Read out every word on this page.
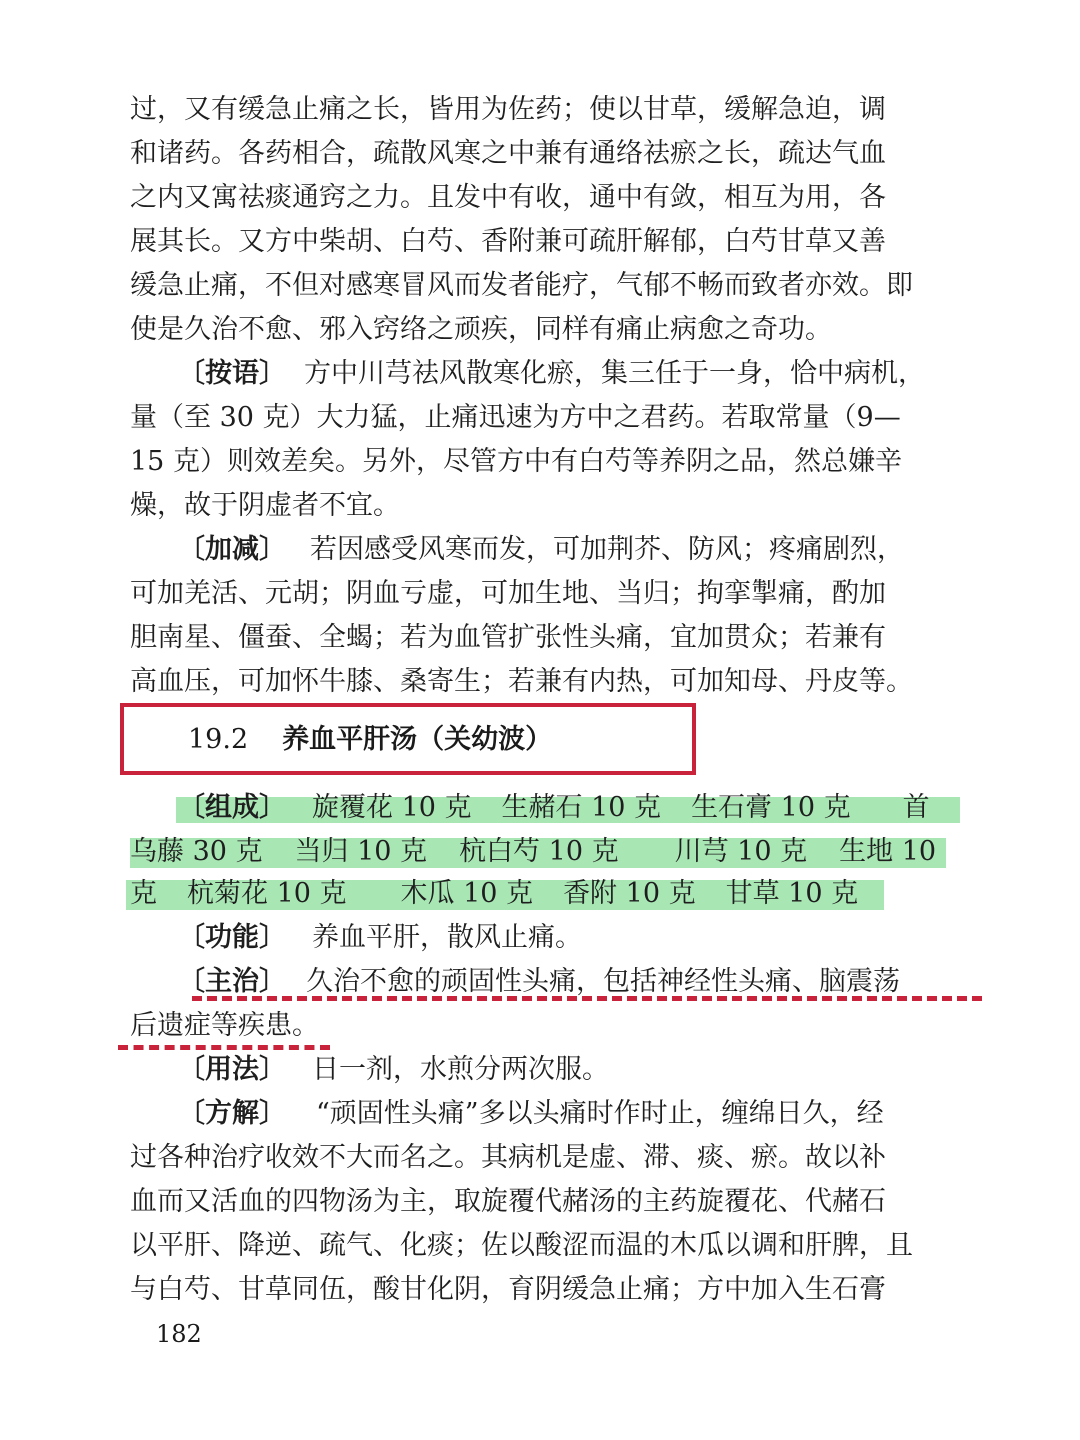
过，又有缓急止痛之长，皆用为佐药；使以甘草，缓解急迫，调
和诸药。各药相合，疏散风寒之中兼有通络祛瘀之长，疏达气血
之内又寓祛痰通窍之力。且发中有收，通中有敛，相互为用，各
展其长。又方中柴胡、白芍、香附兼可疏肝解郁，白芍甘草又善
缓急止痛，不但对感寒冒风而发者能疗，气郁不畅而致者亦效。即
使是久治不愈、邪入窍络之顽疾，同样有痛止病愈之奇功。
〔按语〕 方中川芎祛风散寒化瘀，集三任于一身，恰中病机，
量（至 30 克）大力猛，止痛迅速为方中之君药。若取常量（9—
15 克）则效差矣。另外，尽管方中有白芍等养阴之品，然总嫌辛
燥，故于阴虚者不宜。
〔加减〕 若因感受风寒而发，可加荆芥、防风；疼痛剧烈，
可加羌活、元胡；阴血亏虚，可加生地、当归；拘挛掣痛，酌加
胆南星、僵蚕、全蝎；若为血管扩张性头痛，宜加贯众；若兼有
高血压，可加怀牛膝、桑寄生；若兼有内热，可加知母、丹皮等。
19.2 养血平肝汤（关幼波）
〔组成〕 旋覆花 10 克 生赭石 10 克 生石膏 10 克 首
乌藤 30 克 当归 10 克 杭白芍 10 克 川芎 10 克 生地 10
克 杭菊花 10 克 木瓜 10 克 香附 10 克 甘草 10 克
〔功能〕 养血平肝，散风止痛。
〔主治〕 久治不愈的顽固性头痛，包括神经性头痛、脑震荡
后遗症等疾患。
〔用法〕 日一剂，水煎分两次服。
〔方解〕 “顽固性头痛”多以头痛时作时止，缠绵日久，经
过各种治疗收效不大而名之。其病机是虚、滞、痰、瘀。故以补
血而又活血的四物汤为主，取旋覆代赭汤的主药旋覆花、代赭石
以平肝、降逆、疏气、化痰；佐以酸涩而温的木瓜以调和肝脾，且
与白芍、甘草同伍，酸甘化阴，育阴缓急止痛；方中加入生石膏
182
